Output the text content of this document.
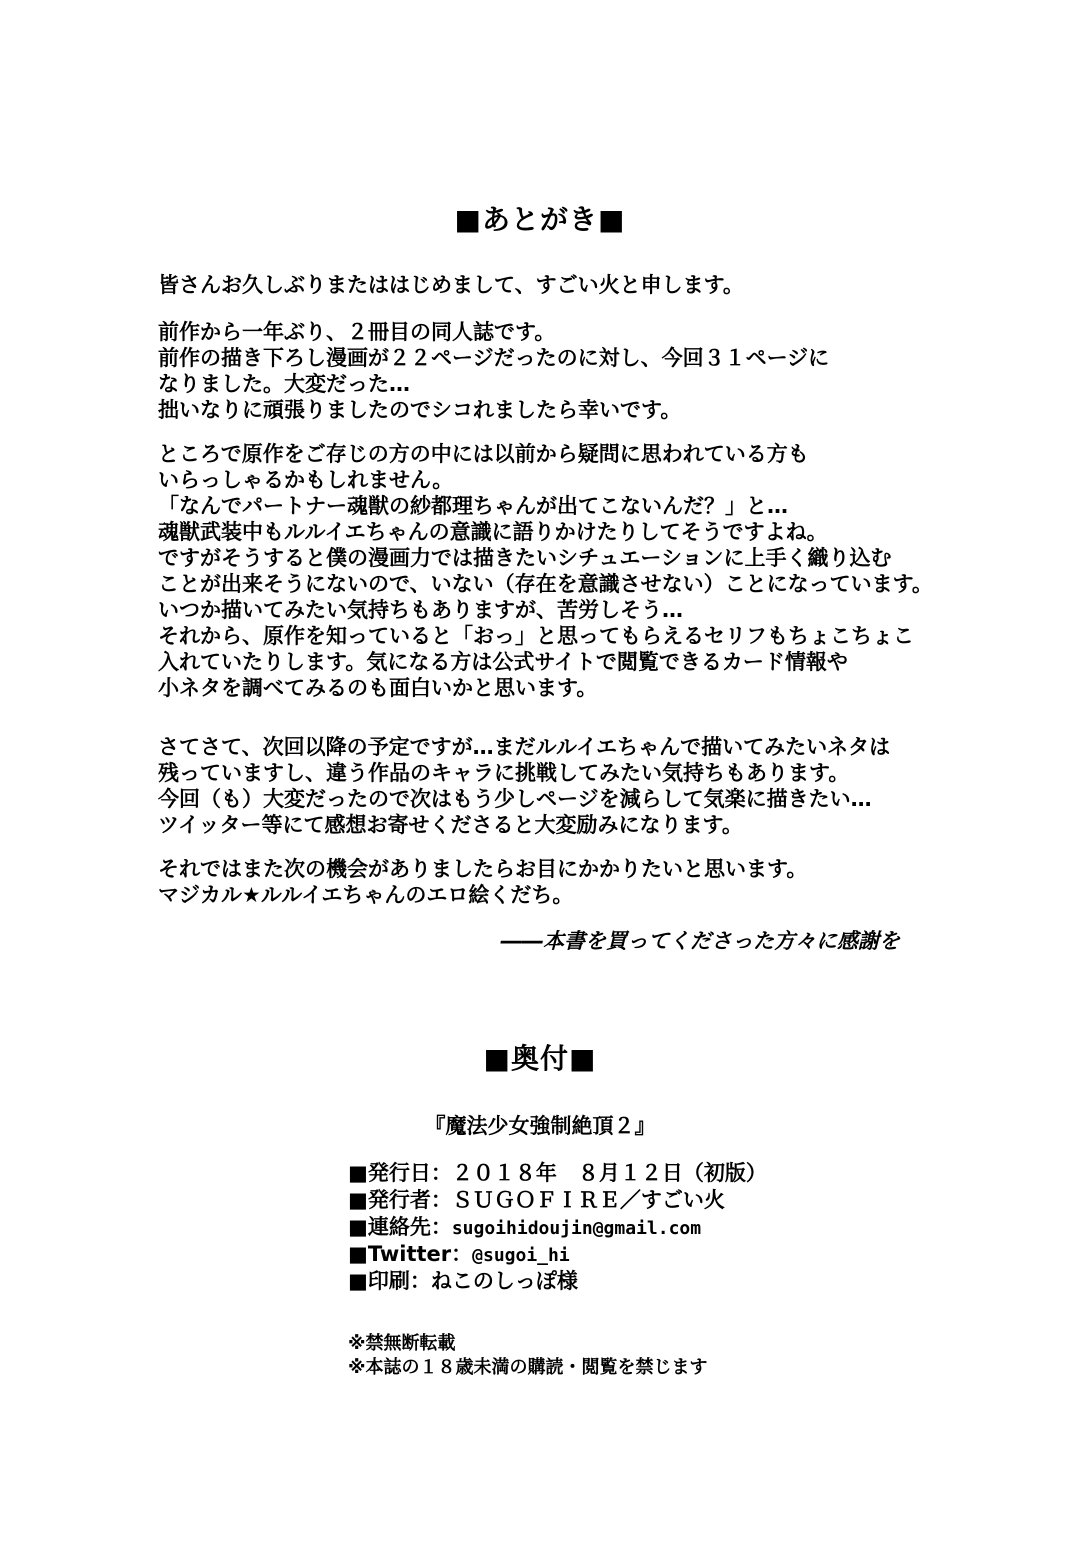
■あとがき■

皆さんお久しぶりまたははじめまして、すごい火と申します。

前作から一年ぶり、２冊目の同人誌です。
前作の描き下ろし漫画が２２ページだったのに対し、今回３１ページに
なりました。大変だった…
拙いなりに頑張りましたのでシコれましたら幸いです。

ところで原作をご存じの方の中には以前から疑問に思われている方も
いらっしゃるかもしれません。
「なんでパートナー魂獣の紗都理ちゃんが出てこないんだ？」と…
魂獣武装中もルルイエちゃんの意識に語りかけたりしてそうですよね。
ですがそうすると僕の漫画力では描きたいシチュエーションに上手く織り込む
ことが出来そうにないので、いない（存在を意識させない）ことになっています。
いつか描いてみたい気持ちもありますが、苦労しそう…
それから、原作を知っていると「おっ」と思ってもらえるセリフもちょこちょこ
入れていたりします。気になる方は公式サイトで閲覧できるカード情報や
小ネタを調べてみるのも面白いかと思います。

さてさて、次回以降の予定ですが…まだルルイエちゃんで描いてみたいネタは
残っていますし、違う作品のキャラに挑戦してみたい気持ちもあります。
今回（も）大変だったので次はもう少しページを減らして気楽に描きたい…
ツイッター等にて感想お寄せくださると大変励みになります。

それではまた次の機会がありましたらお目にかかりたいと思います。
マジカル★ルルイエちゃんのエロ絵くだち。

――本書を買ってくださった方々に感謝を
■奥付■
『魔法少女強制絶頂２』
■発行日：２０１８年　８月１２日（初版）
■発行者：ＳＵＧＯＦＩＲＥ／すごい火
■連絡先：sugoihidoujin@gmail.com
■Twitter：@sugoi_hi
■印刷：ねこのしっぽ様
※禁無断転載
※本誌の１８歳未満の購読・閲覧を禁じます
